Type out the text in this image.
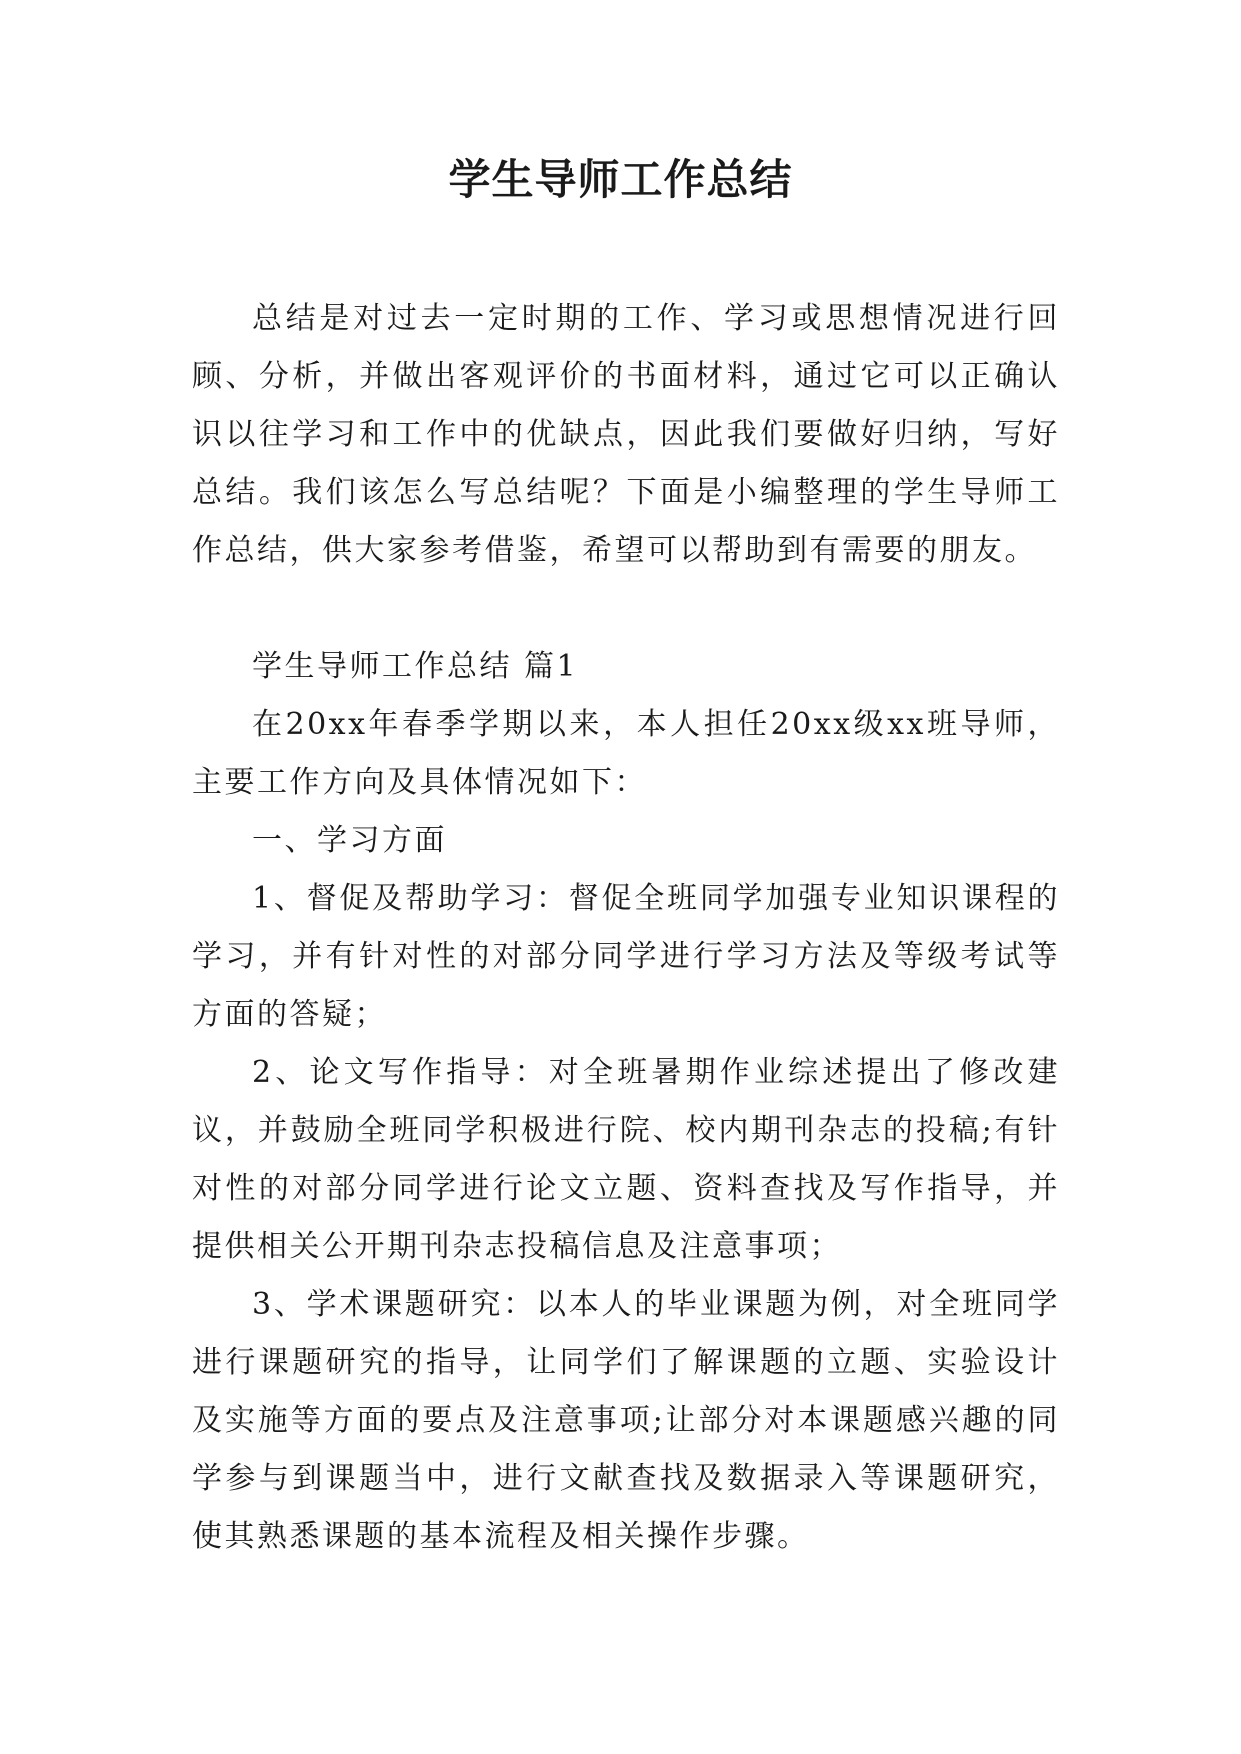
学生导师工作总结

总结是对过去一定时期的工作、学习或思想情况进行回顾、分析，并做出客观评价的书面材料，通过它可以正确认识以往学习和工作中的优缺点，因此我们要做好归纳，写好总结。我们该怎么写总结呢？下面是小编整理的学生导师工作总结，供大家参考借鉴，希望可以帮助到有需要的朋友。

学生导师工作总结 篇1

在20xx年春季学期以来，本人担任20xx级xx班导师，主要工作方向及具体情况如下：

一、学习方面

1、督促及帮助学习：督促全班同学加强专业知识课程的学习，并有针对性的对部分同学进行学习方法及等级考试等方面的答疑；

2、论文写作指导：对全班暑期作业综述提出了修改建议，并鼓励全班同学积极进行院、校内期刊杂志的投稿;有针对性的对部分同学进行论文立题、资料查找及写作指导，并提供相关公开期刊杂志投稿信息及注意事项；

3、学术课题研究：以本人的毕业课题为例，对全班同学进行课题研究的指导，让同学们了解课题的立题、实验设计及实施等方面的要点及注意事项;让部分对本课题感兴趣的同学参与到课题当中，进行文献查找及数据录入等课题研究，使其熟悉课题的基本流程及相关操作步骤。
